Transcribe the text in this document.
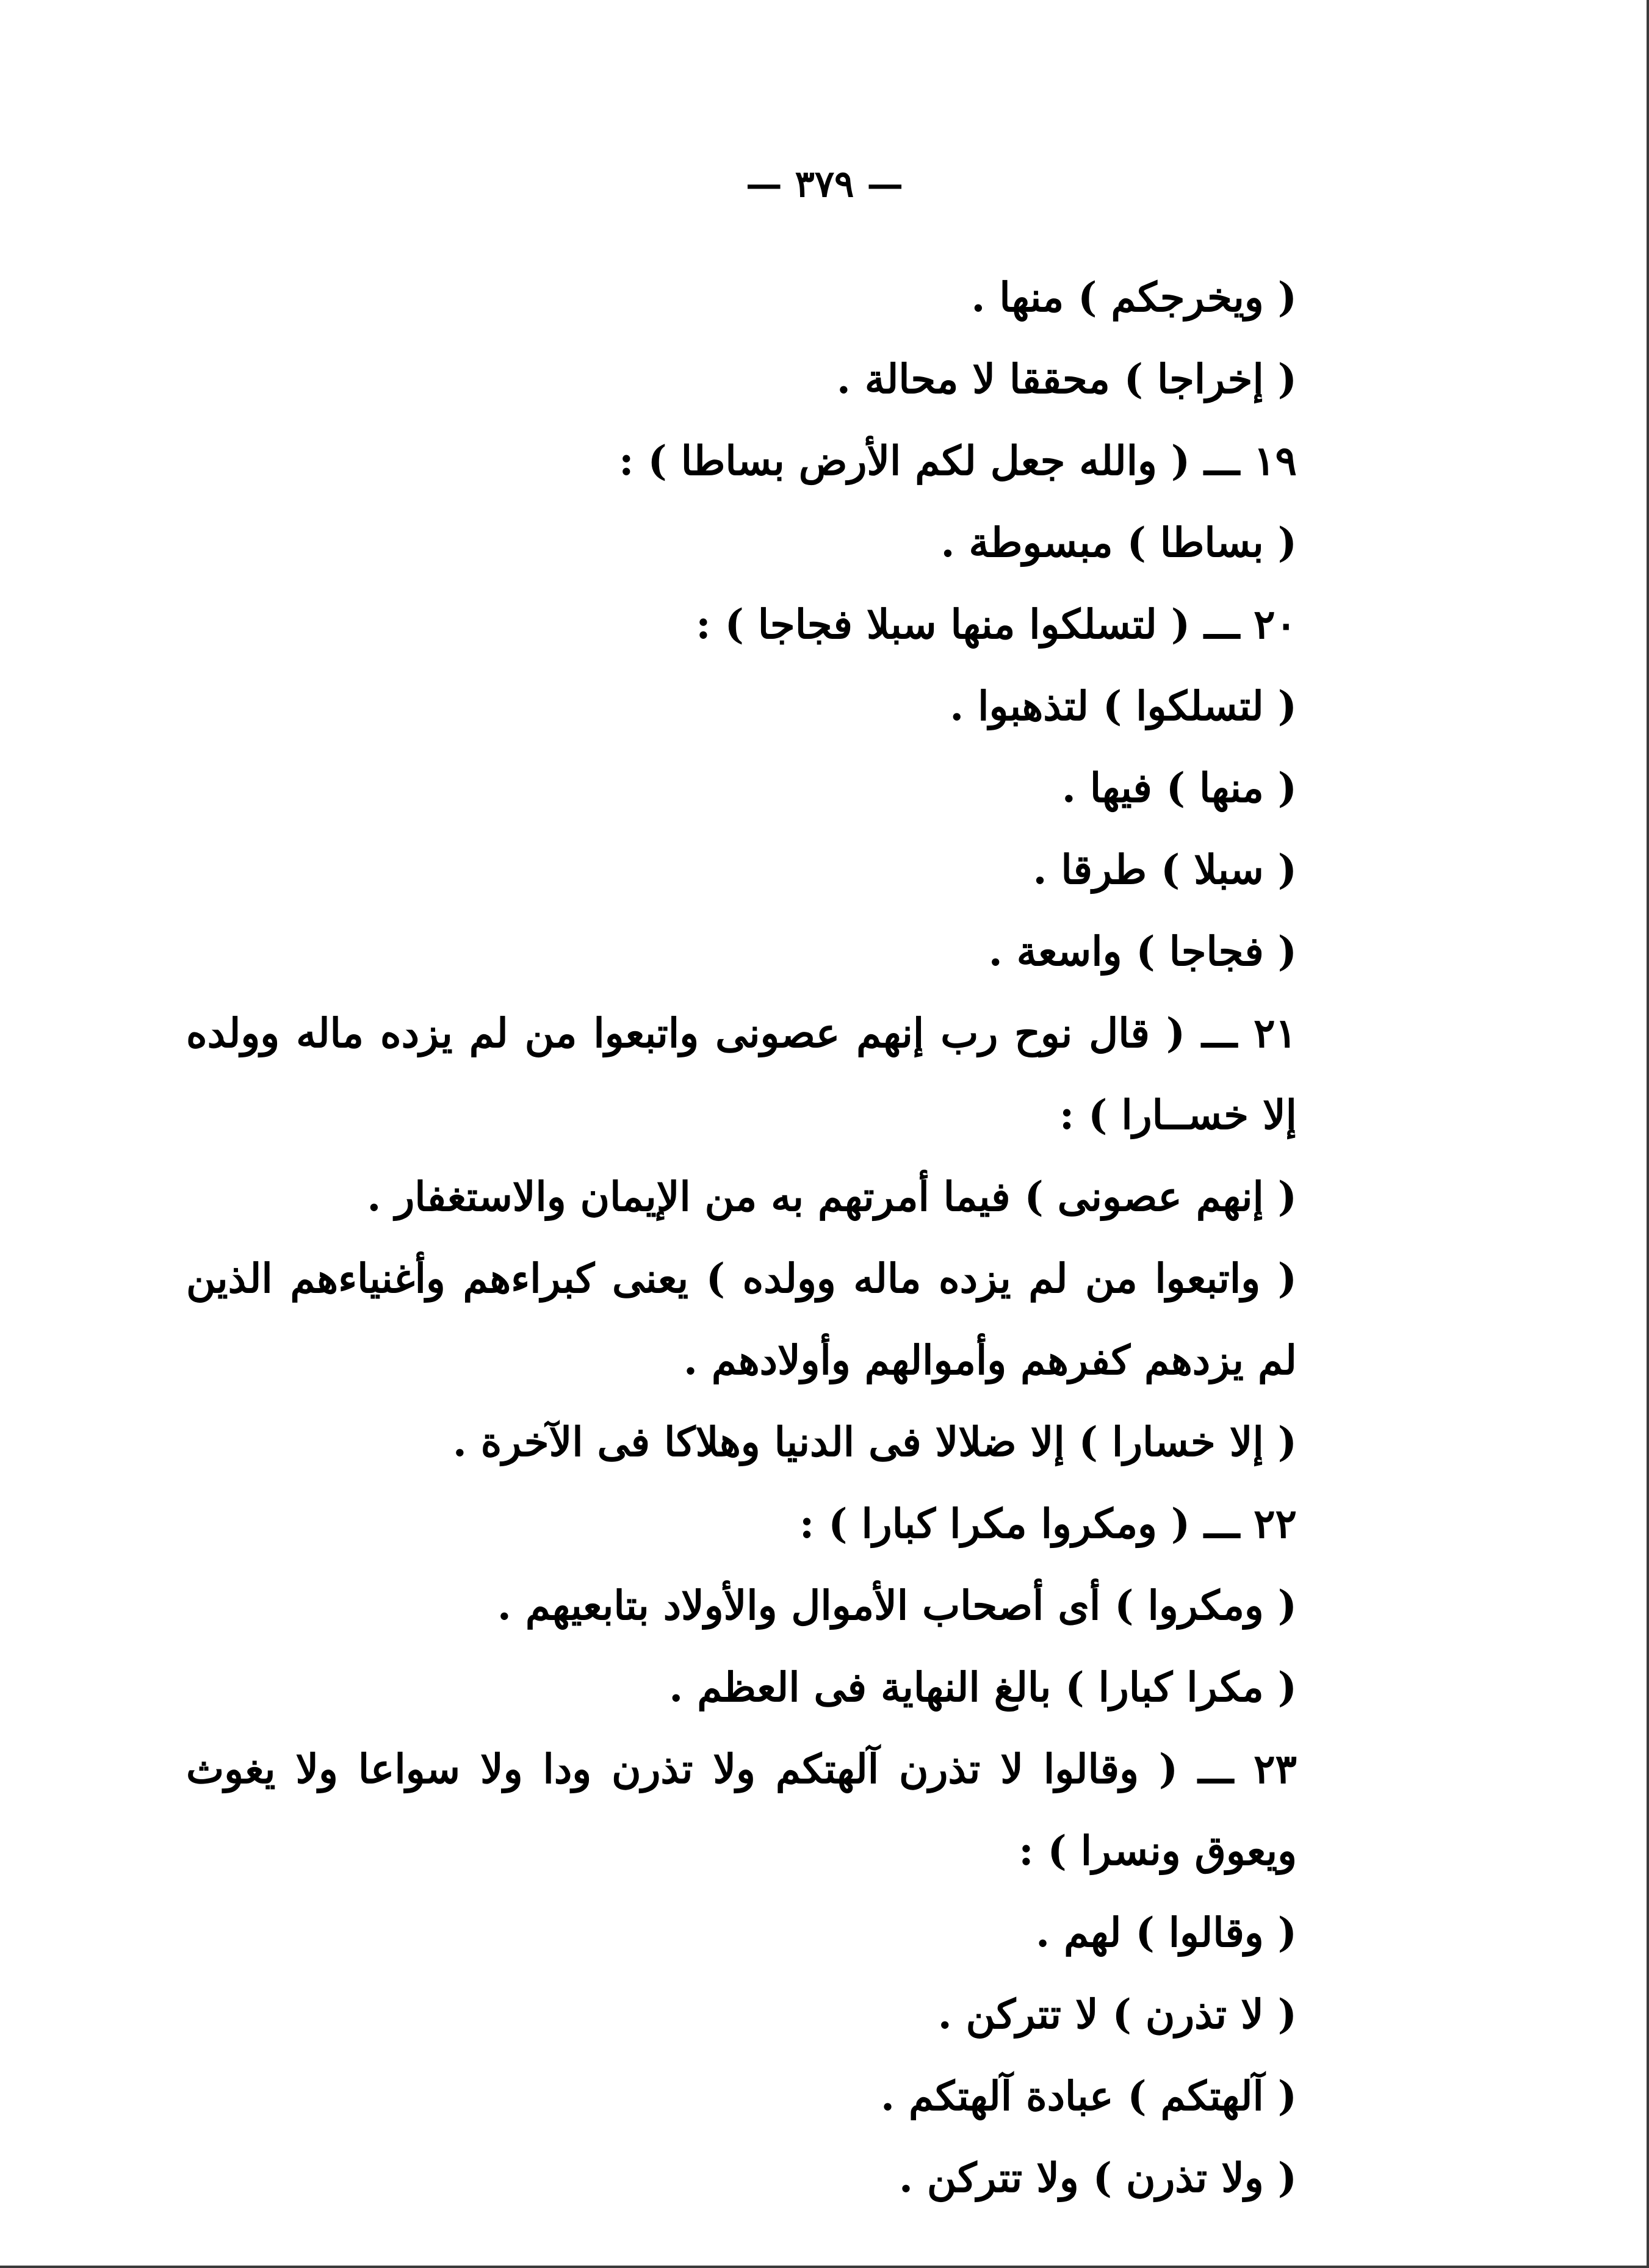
— ٣٧٩ —

( ويخرجكم ) منها .

( إخراجا ) محققا لا محالة .

١٩ ـــ ( والله جعل لكم الأرض بساطا ) :

( بساطا ) مبسوطة .

٢٠ ـــ ( لتسلكوا منها سبلا فجاجا ) :

( لتسلكوا ) لتذهبوا .

( منها ) فيها .

( سبلا ) طرقا .

( فجاجا ) واسعة .

٢١ ـــ ( قال نوح رب إنهم عصونى واتبعوا من لم يزده ماله وولده إلا خســارا ) :

( إنهم عصونى ) فيما أمرتهم به من الإيمان والاستغفار .

( واتبعوا من لم يزده ماله وولده ) يعنى كبراءهم وأغنياءهم الذين لم يزدهم كفرهم وأموالهم وأولادهم .

( إلا خسارا ) إلا ضلالا فى الدنيا وهلاكا فى الآخرة .

٢٢ ـــ ( ومكروا مكرا كبارا ) :

( ومكروا ) أى أصحاب الأموال والأولاد بتابعيهم .

( مكرا كبارا ) بالغ النهاية فى العظم .

٢٣ ـــ ( وقالوا لا تذرن آلهتكم ولا تذرن ودا ولا سواعا ولا يغوث ويعوق ونسرا ) :

( وقالوا ) لهم .

( لا تذرن ) لا تتركن .

( آلهتكم ) عبادة آلهتكم .

( ولا تذرن ) ولا تتركن .
